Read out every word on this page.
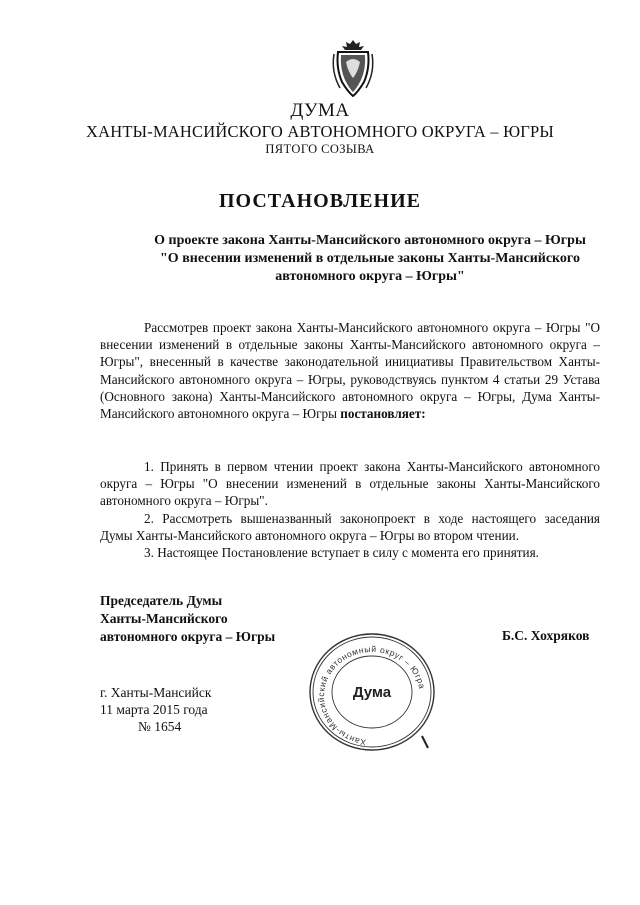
ДУМА
ХАНТЫ-МАНСИЙСКОГО АВТОНОМНОГО ОКРУГА – ЮГРЫ
ПЯТОГО СОЗЫВА
ПОСТАНОВЛЕНИЕ
О проекте закона Ханты-Мансийского автономного округа – Югры
"О внесении изменений в отдельные законы Ханты-Мансийского
автономного округа – Югры"

Рассмотрев проект закона Ханты-Мансийского автономного округа – Югры "О внесении изменений в отдельные законы Ханты-Мансийского автономного округа – Югры", внесенный в качестве законодательной инициативы Правительством Ханты-Мансийского автономного округа – Югры, руководствуясь пунктом 4 статьи 29 Устава (Основного закона) Ханты-Мансийского автономного округа – Югры, Дума Ханты-Мансийского автономного округа – Югры постановляет:

1. Принять в первом чтении проект закона Ханты-Мансийского автономного округа – Югры "О внесении изменений в отдельные законы Ханты-Мансийского автономного округа – Югры".

2. Рассмотреть вышеназванный законопроект в ходе настоящего заседания Думы Ханты-Мансийского автономного округа – Югры во втором чтении.

3. Настоящее Постановление вступает в силу с момента его принятия.

Председатель Думы
Ханты-Мансийского
автономного округа – Югры	Б.С. Хохряков
Ханты-Мансийский автономный округ – Югра
Дума
г. Ханты-Мансийск
11 марта 2015 года
№ 1654
